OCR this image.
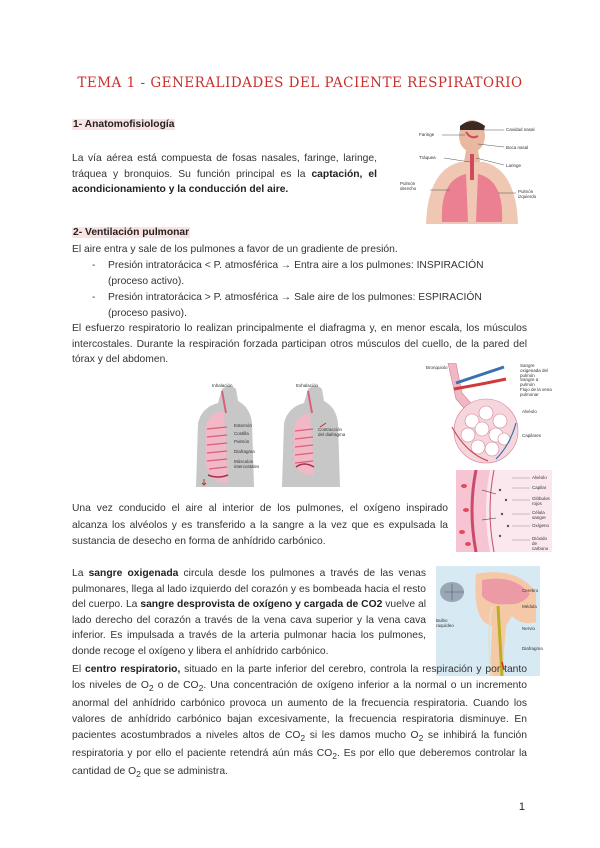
TEMA 1 - GENERALIDADES DEL PACIENTE RESPIRATORIO
1- Anatomofisiología

La vía aérea está compuesta de fosas nasales, faringe, laringe, tráquea y bronquios. Su función principal es la captación, el acondicionamiento y la conducción del aire.

Faringe
Tráquea
Pulmón derecho
Cavidad nasal
Boca nasal
Laringe
Pulmón izquierdo
2- Ventilación pulmonar
El aire entra y sale de los pulmones a favor de un gradiente de presión.
- Presión intratorácica < P. atmosférica → Entra aire a los pulmones: INSPIRACIÓN (proceso activo).
- Presión intratorácica > P. atmosférica → Sale aire de los pulmones: ESPIRACIÓN (proceso pasivo).

El esfuerzo respiratorio lo realizan principalmente el diafragma y, en menor escala, los músculos intercostales. Durante la respiración forzada participan otros músculos del cuello, de la pared del tórax y del abdomen.

Inhalación	Exhalación
Esternón
Costilla
Pulmón
Diafragma
Músculos intercostales
Contracción del diafragma
Bronquiolo	Sangre oxigenada del pulmón
Sangre a pulmón
Flujo de la vena pulmonar
Alvéolo
Capilares
Alvéolo
Capilar
Glóbulos rojos
Célula sangre
Oxígeno
Dióxido de carbono

Una vez conducido el aire al interior de los pulmones, el oxígeno inspirado alcanza los alvéolos y es transferido a la sangre a la vez que es expulsada la sustancia de desecho en forma de anhídrido carbónico.

Cerebro
Bulbo raquídeo
Médula
Nervio
Diafragma

La sangre oxigenada circula desde los pulmones a través de las venas pulmonares, llega al lado izquierdo del corazón y es bombeada hacia el resto del cuerpo. La sangre desprovista de oxígeno y cargada de CO2 vuelve al lado derecho del corazón a través de la vena cava superior y la vena cava inferior. Es impulsada a través de la arteria pulmonar hacia los pulmones, donde recoge el oxígeno y libera el anhídrido carbónico.

El centro respiratorio, situado en la parte inferior del cerebro, controla la respiración y por tanto los niveles de $O_2$ o de $CO_2$. Una concentración de oxígeno inferior a la normal o un incremento anormal del anhídrido carbónico provoca un aumento de la frecuencia respiratoria. Cuando los valores de anhídrido carbónico bajan excesivamente, la frecuencia respiratoria disminuye. En pacientes acostumbrados a niveles altos de $CO_2$ si les damos mucho $O_2$ se inhibirá la función respiratoria y por ello el paciente retendrá aún más $CO_2$. Es por ello que deberemos controlar la cantidad de $O_2$ que se administra.

1
